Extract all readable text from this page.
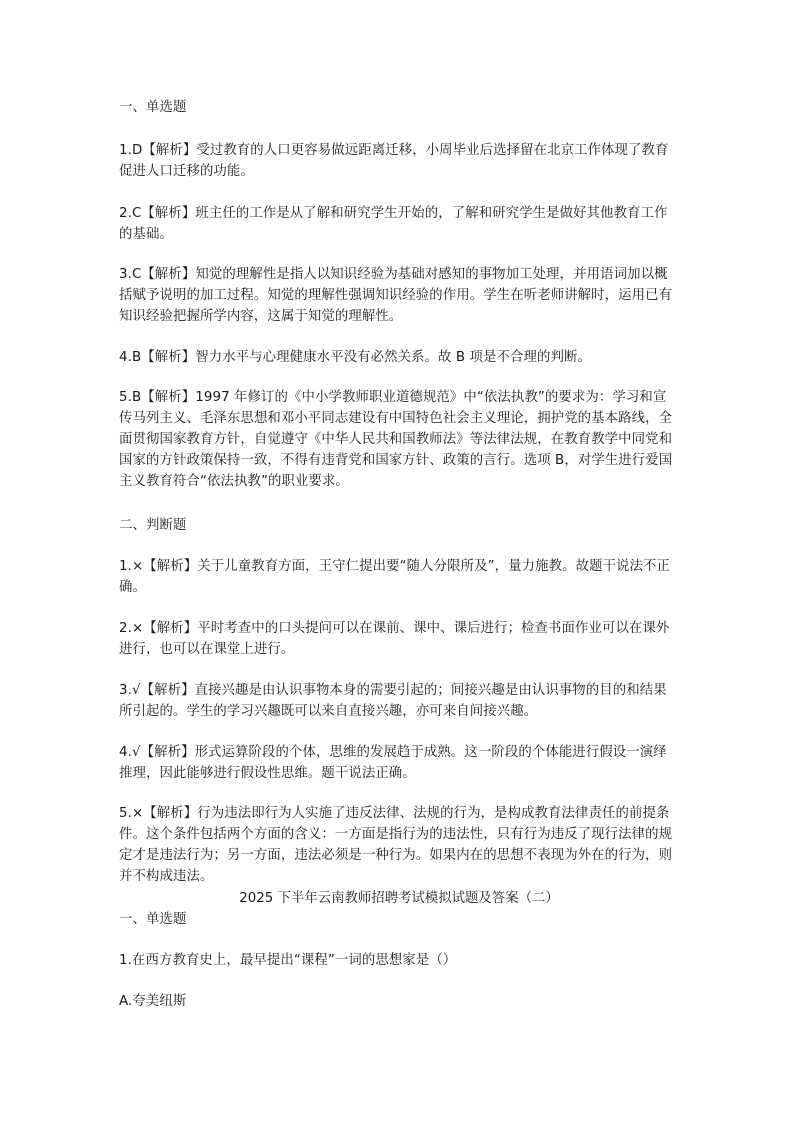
一、单选题
1.D【解析】受过教育的人口更容易做远距离迁移，小周毕业后选择留在北京工作体现了教育促进人口迁移的功能。
2.C【解析】班主任的工作是从了解和研究学生开始的，了解和研究学生是做好其他教育工作的基础。
3.C【解析】知觉的理解性是指人以知识经验为基础对感知的事物加工处理，并用语词加以概括赋予说明的加工过程。知觉的理解性强调知识经验的作用。学生在听老师讲解时，运用已有知识经验把握所学内容，这属于知觉的理解性。
4.B【解析】智力水平与心理健康水平没有必然关系。故 B 项是不合理的判断。
5.B【解析】1997 年修订的《中小学教师职业道德规范》中“依法执教”的要求为：学习和宣传马列主义、毛泽东思想和邓小平同志建设有中国特色社会主义理论，拥护党的基本路线，全面贯彻国家教育方针，自觉遵守《中华人民共和国教师法》等法律法规，在教育教学中同党和国家的方针政策保持一致，不得有违背党和国家方针、政策的言行。选项 B，对学生进行爱国主义教育符合“依法执教”的职业要求。
二、判断题
1.×【解析】关于儿童教育方面，王守仁提出要“随人分限所及”，量力施教。故题干说法不正确。
2.×【解析】平时考查中的口头提问可以在课前、课中、课后进行；检查书面作业可以在课外进行，也可以在课堂上进行。
3.√【解析】直接兴趣是由认识事物本身的需要引起的；间接兴趣是由认识事物的目的和结果所引起的。学生的学习兴趣既可以来自直接兴趣，亦可来自间接兴趣。
4.√【解析】形式运算阶段的个体，思维的发展趋于成熟。这一阶段的个体能进行假设一演绎推理，因此能够进行假设性思维。题干说法正确。
5.×【解析】行为违法即行为人实施了违反法律、法规的行为，是构成教育法律责任的前提条件。这个条件包括两个方面的含义：一方面是指行为的违法性，只有行为违反了现行法律的规定才是违法行为；另一方面，违法必须是一种行为。如果内在的思想不表现为外在的行为，则并不构成违法。
2025 下半年云南教师招聘考试模拟试题及答案（二）
一、单选题
1.在西方教育史上，最早提出“课程”一词的思想家是（）
A.夸美纽斯
